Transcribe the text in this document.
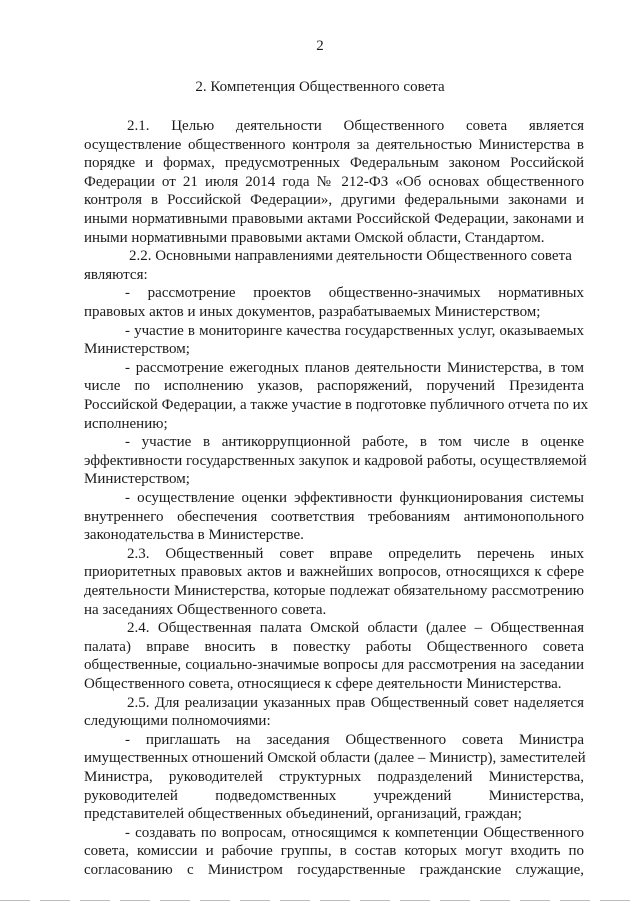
2
2. Компетенция Общественного совета
2.1. Целью деятельности Общественного совета является
осуществление общественного контроля за деятельностью Министерства в
порядке и формах, предусмотренных Федеральным законом Российской
Федерации от 21 июля 2014 года № 212-ФЗ «Об основах общественного
контроля в Российской Федерации», другими федеральными законами и
иными нормативными правовыми актами Российской Федерации, законами и
иными нормативными правовыми актами Омской области, Стандартом.
2.2. Основными направлениями деятельности Общественного совета
являются:
- рассмотрение проектов общественно-значимых нормативных
правовых актов и иных документов, разрабатываемых Министерством;
- участие в мониторинге качества государственных услуг, оказываемых
Министерством;
- рассмотрение ежегодных планов деятельности Министерства, в том
числе по исполнению указов, распоряжений, поручений Президента
Российской Федерации, а также участие в подготовке публичного отчета по их
исполнению;
- участие в антикоррупционной работе, в том числе в оценке
эффективности государственных закупок и кадровой работы, осуществляемой
Министерством;
- осуществление оценки эффективности функционирования системы
внутреннего обеспечения соответствия требованиям антимонопольного
законодательства в Министерстве.
2.3. Общественный совет вправе определить перечень иных
приоритетных правовых актов и важнейших вопросов, относящихся к сфере
деятельности Министерства, которые подлежат обязательному рассмотрению
на заседаниях Общественного совета.
2.4. Общественная палата Омской области (далее – Общественная
палата) вправе вносить в повестку работы Общественного совета
общественные, социально-значимые вопросы для рассмотрения на заседании
Общественного совета, относящиеся к сфере деятельности Министерства.
2.5. Для реализации указанных прав Общественный совет наделяется
следующими полномочиями:
- приглашать на заседания Общественного совета Министра
имущественных отношений Омской области (далее – Министр), заместителей
Министра, руководителей структурных подразделений Министерства,
руководителей подведомственных учреждений Министерства,
представителей общественных объединений, организаций, граждан;
- создавать по вопросам, относящимся к компетенции Общественного
совета, комиссии и рабочие группы, в состав которых могут входить по
согласованию с Министром государственные гражданские служащие,
